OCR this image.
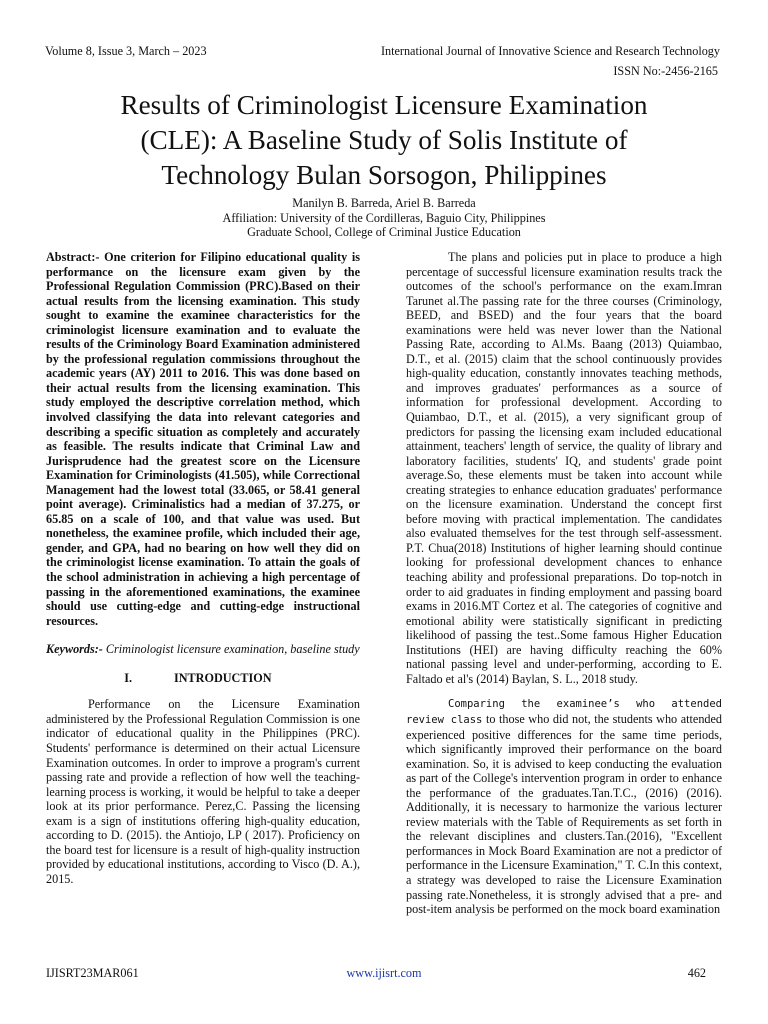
Volume 8, Issue 3, March – 2023	International Journal of Innovative Science and Research Technology
ISSN No:-2456-2165
Results of Criminologist Licensure Examination
(CLE): A Baseline Study of Solis Institute of
Technology Bulan Sorsogon, Philippines
Manilyn B. Barreda, Ariel B. Barreda
Affiliation: University of the Cordilleras, Baguio City, Philippines
Graduate School, College of Criminal Justice Education

Abstract:- One criterion for Filipino educational quality is performance on the licensure exam given by the Professional Regulation Commission (PRC).Based on their actual results from the licensing examination. This study sought to examine the examinee characteristics for the criminologist licensure examination and to evaluate the results of the Criminology Board Examination administered by the professional regulation commissions throughout the academic years (AY) 2011 to 2016. This was done based on their actual results from the licensing examination. This study employed the descriptive correlation method, which involved classifying the data into relevant categories and describing a specific situation as completely and accurately as feasible. The results indicate that Criminal Law and Jurisprudence had the greatest score on the Licensure Examination for Criminologists (41.505), while Correctional Management had the lowest total (33.065, or 58.41 general point average). Criminalistics had a median of 37.275, or 65.85 on a scale of 100, and that value was used. But nonetheless, the examinee profile, which included their age, gender, and GPA, had no bearing on how well they did on the criminologist license examination. To attain the goals of the school administration in achieving a high percentage of passing in the aforementioned examinations, the examinee should use cutting-edge and cutting-edge instructional resources.

Keywords:- Criminologist licensure examination, baseline study

I.	INTRODUCTION

Performance on the Licensure Examination administered by the Professional Regulation Commission is one indicator of educational quality in the Philippines (PRC). Students' performance is determined on their actual Licensure Examination outcomes. In order to improve a program's current passing rate and provide a reflection of how well the teaching-learning process is working, it would be helpful to take a deeper look at its prior performance. Perez,C. Passing the licensing exam is a sign of institutions offering high-quality education, according to D. (2015). the Antiojo, LP ( 2017). Proficiency on the board test for licensure is a result of high-quality instruction provided by educational institutions, according to Visco (D. A.), 2015.

The plans and policies put in place to produce a high percentage of successful licensure examination results track the outcomes of the school's performance on the exam.Imran Tarunet al.The passing rate for the three courses (Criminology, BEED, and BSED) and the four years that the board examinations were held was never lower than the National Passing Rate, according to Al.Ms. Baang (2013) Quiambao, D.T., et al. (2015) claim that the school continuously provides high-quality education, constantly innovates teaching methods, and improves graduates' performances as a source of information for professional development. According to Quiambao, D.T., et al. (2015), a very significant group of predictors for passing the licensing exam included educational attainment, teachers' length of service, the quality of library and laboratory facilities, students' IQ, and students' grade point average.So, these elements must be taken into account while creating strategies to enhance education graduates' performance on the licensure examination. Understand the concept first before moving with practical implementation. The candidates also evaluated themselves for the test through self-assessment. P.T. Chua(2018) Institutions of higher learning should continue looking for professional development chances to enhance teaching ability and professional preparations. Do top-notch in order to aid graduates in finding employment and passing board exams in 2016.MT Cortez et al. The categories of cognitive and emotional ability were statistically significant in predicting likelihood of passing the test..Some famous Higher Education Institutions (HEI) are having difficulty reaching the 60% national passing level and under-performing, according to E. Faltado et al's (2014) Baylan, S. L., 2018 study.

Comparing the examinee’s who attended review class to those who did not, the students who attended experienced positive differences for the same time periods, which significantly improved their performance on the board examination. So, it is advised to keep conducting the evaluation as part of the College's intervention program in order to enhance the performance of the graduates.Tan.T.C., (2016) (2016). Additionally, it is necessary to harmonize the various lecturer review materials with the Table of Requirements as set forth in the relevant disciplines and clusters.Tan.(2016), "Excellent performances in Mock Board Examination are not a predictor of performance in the Licensure Examination," T. C.In this context, a strategy was developed to raise the Licensure Examination passing rate.Nonetheless, it is strongly advised that a pre- and post-item analysis be performed on the mock board examination

IJISRT23MAR061	www.ijisrt.com	462
